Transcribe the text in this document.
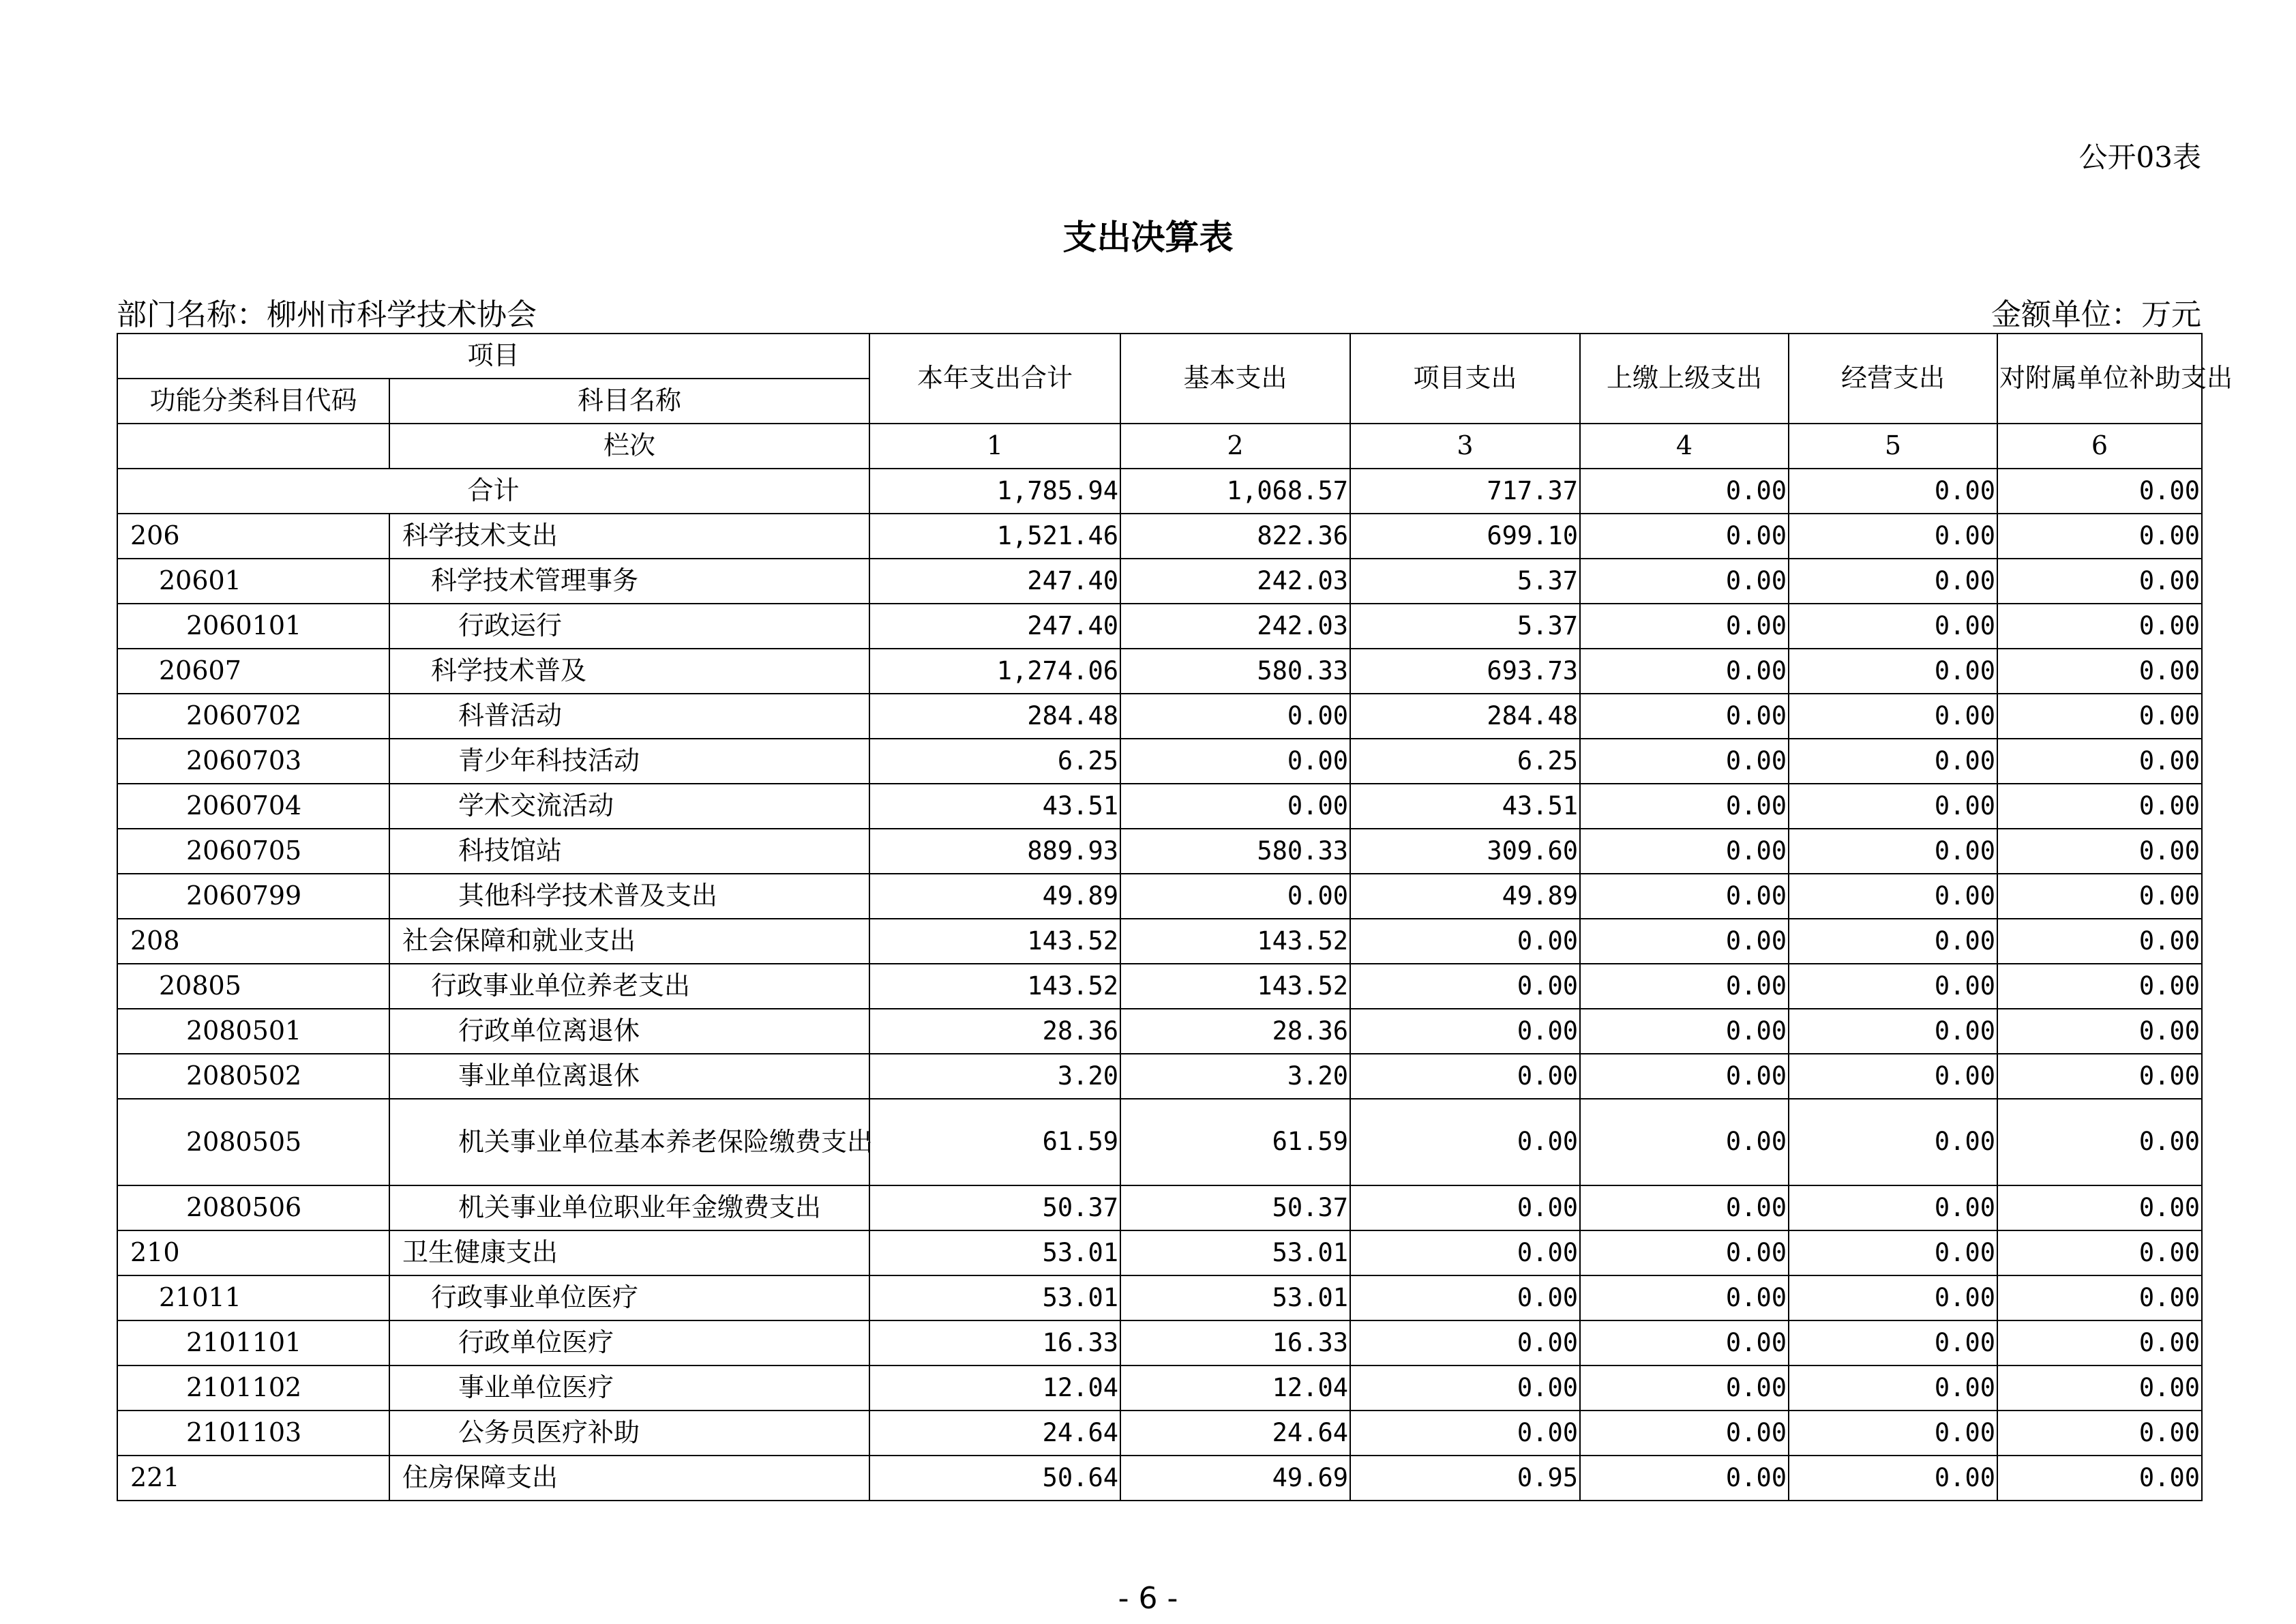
公开03表
支出决算表
部门名称：柳州市科学技术协会	金额单位：万元
项目		本年支出合计	基本支出	项目支出	上缴上级支出	经营支出	对附属单位补助支出
功能分类科目代码	科目名称						
	栏次	1	2	3	4	5	6
合计		1,785.94	1,068.57	717.37	0.00	0.00	0.00
206	科学技术支出	1,521.46	822.36	699.10	0.00	0.00	0.00
20601	科学技术管理事务	247.40	242.03	5.37	0.00	0.00	0.00
2060101	行政运行	247.40	242.03	5.37	0.00	0.00	0.00
20607	科学技术普及	1,274.06	580.33	693.73	0.00	0.00	0.00
2060702	科普活动	284.48	0.00	284.48	0.00	0.00	0.00
2060703	青少年科技活动	6.25	0.00	6.25	0.00	0.00	0.00
2060704	学术交流活动	43.51	0.00	43.51	0.00	0.00	0.00
2060705	科技馆站	889.93	580.33	309.60	0.00	0.00	0.00
2060799	其他科学技术普及支出	49.89	0.00	49.89	0.00	0.00	0.00
208	社会保障和就业支出	143.52	143.52	0.00	0.00	0.00	0.00
20805	行政事业单位养老支出	143.52	143.52	0.00	0.00	0.00	0.00
2080501	行政单位离退休	28.36	28.36	0.00	0.00	0.00	0.00
2080502	事业单位离退休	3.20	3.20	0.00	0.00	0.00	0.00
2080505	机关事业单位基本养老保险缴费支出	61.59	61.59	0.00	0.00	0.00	0.00
2080506	机关事业单位职业年金缴费支出	50.37	50.37	0.00	0.00	0.00	0.00
210	卫生健康支出	53.01	53.01	0.00	0.00	0.00	0.00
21011	行政事业单位医疗	53.01	53.01	0.00	0.00	0.00	0.00
2101101	行政单位医疗	16.33	16.33	0.00	0.00	0.00	0.00
2101102	事业单位医疗	12.04	12.04	0.00	0.00	0.00	0.00
2101103	公务员医疗补助	24.64	24.64	0.00	0.00	0.00	0.00
221	住房保障支出	50.64	49.69	0.95	0.00	0.00	0.00
- 6 -
